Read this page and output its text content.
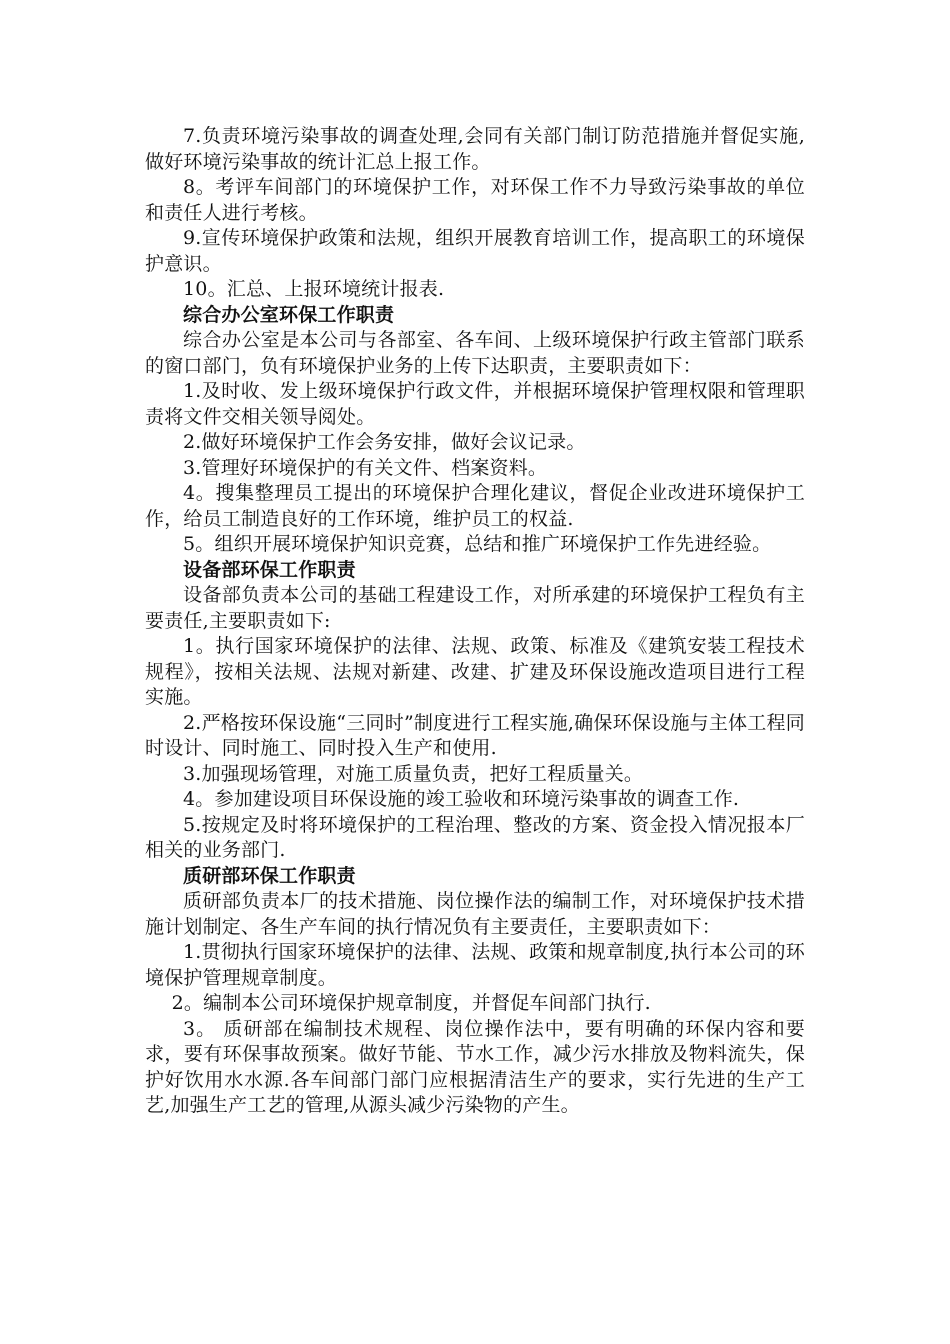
7.负责环境污染事故的调查处理,会同有关部门制订防范措施并督促实施,做好环境污染事故的统计汇总上报工作。

8。考评车间部门的环境保护工作，对环保工作不力导致污染事故的单位和责任人进行考核。

9.宣传环境保护政策和法规，组织开展教育培训工作，提高职工的环境保护意识。

10。汇总、上报环境统计报表.

综合办公室环保工作职责

综合办公室是本公司与各部室、各车间、上级环境保护行政主管部门联系的窗口部门，负有环境保护业务的上传下达职责，主要职责如下：

1.及时收、发上级环境保护行政文件，并根据环境保护管理权限和管理职责将文件交相关领导阅处。

2.做好环境保护工作会务安排，做好会议记录。

3.管理好环境保护的有关文件、档案资料。

4。搜集整理员工提出的环境保护合理化建议，督促企业改进环境保护工作，给员工制造良好的工作环境，维护员工的权益.

5。组织开展环境保护知识竞赛，总结和推广环境保护工作先进经验。

设备部环保工作职责

设备部负责本公司的基础工程建设工作，对所承建的环境保护工程负有主要责任,主要职责如下:

1。执行国家环境保护的法律、法规、政策、标准及《建筑安装工程技术规程》，按相关法规、法规对新建、改建、扩建及环保设施改造项目进行工程实施。

2.严格按环保设施“三同时”制度进行工程实施,确保环保设施与主体工程同时设计、同时施工、同时投入生产和使用.

3.加强现场管理，对施工质量负责，把好工程质量关。

4。参加建设项目环保设施的竣工验收和环境污染事故的调查工作.

5.按规定及时将环境保护的工程治理、整改的方案、资金投入情况报本厂相关的业务部门.

质研部环保工作职责

质研部负责本厂的技术措施、岗位操作法的编制工作，对环境保护技术措施计划制定、各生产车间的执行情况负有主要责任，主要职责如下：

1.贯彻执行国家环境保护的法律、法规、政策和规章制度,执行本公司的环境保护管理规章制度。

2。编制本公司环境保护规章制度，并督促车间部门执行.

3。 质研部在编制技术规程、岗位操作法中，要有明确的环保内容和要求，要有环保事故预案。做好节能、节水工作，减少污水排放及物料流失，保护好饮用水水源.各车间部门部门应根据清洁生产的要求，实行先进的生产工艺,加强生产工艺的管理,从源头减少污染物的产生。
